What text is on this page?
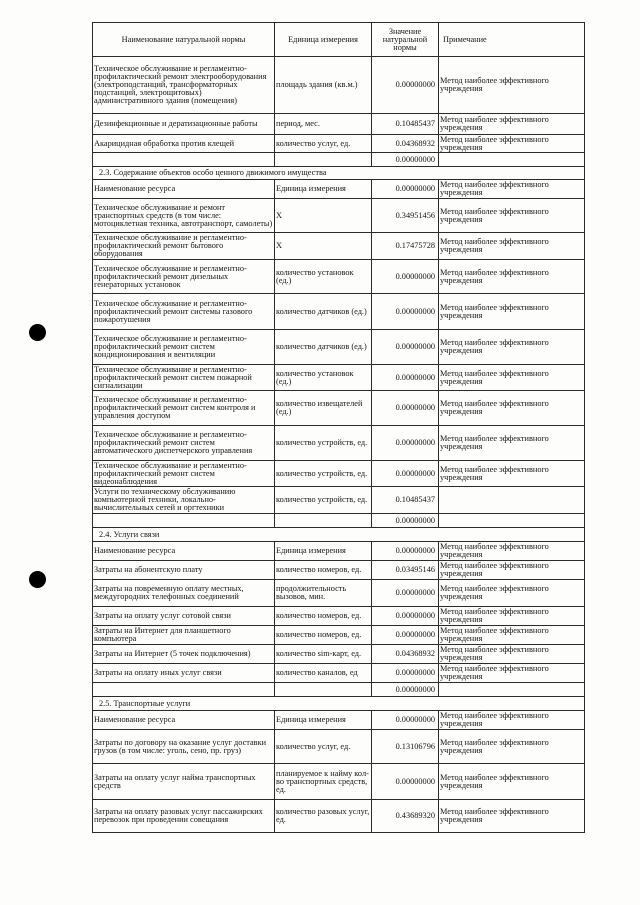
Наименование натуральной нормы	Единица измерения	Значение натуральной нормы	Примечание
Техническое обслуживание и регламентно-профилактический ремонт электрооборудования (электроподстанций, трансформаторных подстанций, электрощитовых) административного здания (помещения)	площадь здания (кв.м.)	0.00000000	Метод наиболее эффективного учреждения
Дезинфекционные и дератизационные работы	период, мес.	0.10485437	Метод наиболее эффективного учреждения
Акарицидная обработка против клещей	количество услуг, ед.	0.04368932	Метод наиболее эффективного учреждения
		0.00000000	
2.3. Содержание объектов особо ценного движимого имущества			
Наименование ресурса	Единица измерения	0.00000000	Метод наиболее эффективного учреждения
Техническое обслуживание и ремонт транспортных средств (в том числе: мотоциклетная техника, автотранспорт, самолеты)	Х	0.34951456	Метод наиболее эффективного учреждения
Техническое обслуживание и регламентно-профилактический ремонт бытового оборудования	Х	0.17475728	Метод наиболее эффективного учреждения
Техническое обслуживание и регламентно-профилактический ремонт дизельных генераторных установок	количество установок (ед.)	0.00000000	Метод наиболее эффективного учреждения
Техническое обслуживание и регламентно-профилактический ремонт системы газового пожаротушения	количество датчиков (ед.)	0.00000000	Метод наиболее эффективного учреждения
Техническое обслуживание и регламентно-профилактический ремонт систем кондиционирования и вентиляции	количество датчиков (ед.)	0.00000000	Метод наиболее эффективного учреждения
Техническое обслуживание и регламентно-профилактический ремонт систем пожарной сигнализации	количество установок (ед.)	0.00000000	Метод наиболее эффективного учреждения
Техническое обслуживание и регламентно-профилактический ремонт систем контроля и управления доступом	количество извещателей (ед.)	0.00000000	Метод наиболее эффективного учреждения
Техническое обслуживание и регламентно-профилактический ремонт систем автоматического диспетчерского управления	количество устройств, ед.	0.00000000	Метод наиболее эффективного учреждения
Техническое обслуживание и регламентно-профилактический ремонт систем видеонаблюдения	количество устройств, ед.	0.00000000	Метод наиболее эффективного учреждения
Услуги по техническому обслуживанию компьютерной техники, локально-вычислительных сетей и оргтехники	количество устройств, ед.	0.10485437	
		0.00000000	
2.4. Услуги связи			
Наименование ресурса	Единица измерения	0.00000000	Метод наиболее эффективного учреждения
Затраты на абонентскую плату	количество номеров, ед.	0.03495146	Метод наиболее эффективного учреждения
Затраты на повременную оплату местных, междугородних телефонных соединений	продолжительность вызовов, мин.	0.00000000	Метод наиболее эффективного учреждения
Затраты на оплату услуг сотовой связи	количество номеров, ед.	0.00000000	Метод наиболее эффективного учреждения
Затраты на Интернет для планшетного компьютера	количество номеров, ед.	0.00000000	Метод наиболее эффективного учреждения
Затраты на Интернет (5 точек подключения)	количество sim-карт, ед.	0.04368932	Метод наиболее эффективного учреждения
Затраты на оплату иных услуг связи	количество каналов, ед	0.00000000	Метод наиболее эффективного учреждения
		0.00000000	
2.5. Транспортные услуги			
Наименование ресурса	Единица измерения	0.00000000	Метод наиболее эффективного учреждения
Затраты по договору на оказание услуг доставки грузов (в том числе: уголь, сено, пр. груз)	количество услуг, ед.	0.13106796	Метод наиболее эффективного учреждения
Затраты на оплату услуг найма транспортных средств	планируемое к найму кол-во транспортных средств, ед.	0.00000000	Метод наиболее эффективного учреждения
Затраты на оплату разовых услуг пассажирских перевозок при проведении совещания	количество разовых услуг, ед.	0.43689320	Метод наиболее эффективного учреждения
